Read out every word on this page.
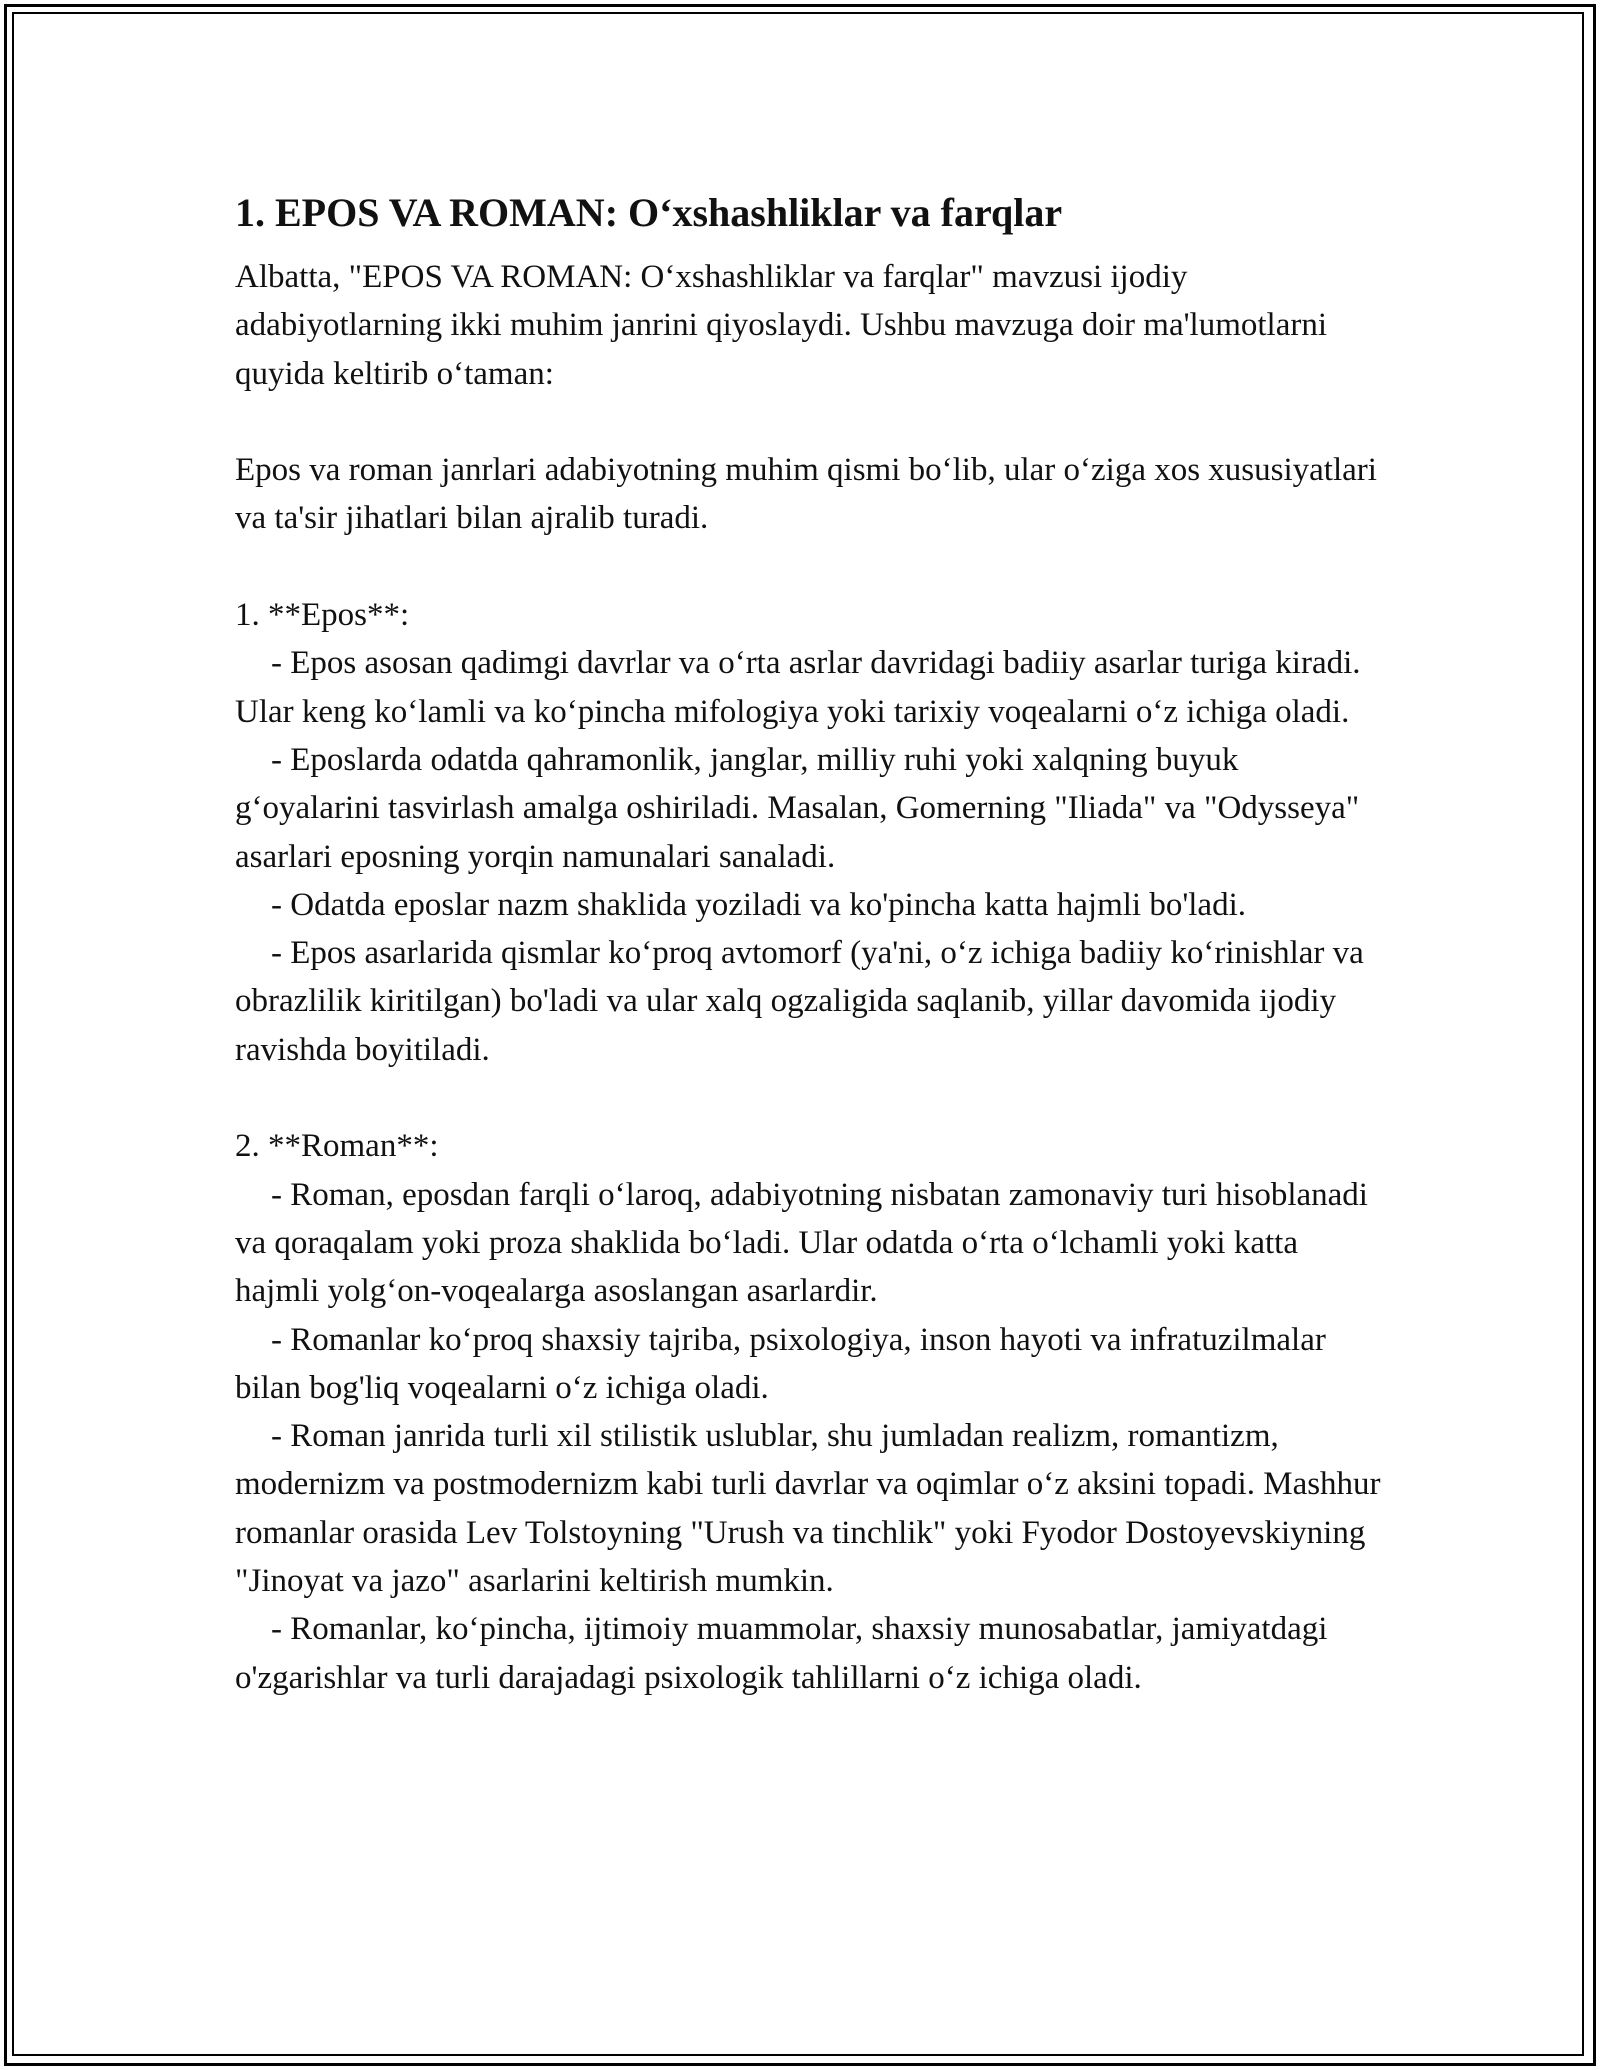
1. EPOS VA ROMAN: O‘xshashliklar va farqlar

Albatta, "EPOS VA ROMAN: O‘xshashliklar va farqlar" mavzusi ijodiy adabiyotlarning ikki muhim janrini qiyoslaydi. Ushbu mavzuga doir ma'lumotlarni quyida keltirib o‘taman:

Epos va roman janrlari adabiyotning muhim qismi bo‘lib, ular o‘ziga xos xususiyatlari va ta'sir jihatlari bilan ajralib turadi.

1. **Epos**:

- Epos asosan qadimgi davrlar va o‘rta asrlar davridagi badiiy asarlar turiga kiradi. Ular keng ko‘lamli va ko‘pincha mifologiya yoki tarixiy voqealarni o‘z ichiga oladi.

- Eposlarda odatda qahramonlik, janglar, milliy ruhi yoki xalqning buyuk g‘oyalarini tasvirlash amalga oshiriladi. Masalan, Gomerning "Iliada" va "Odysseya" asarlari eposning yorqin namunalari sanaladi.

- Odatda eposlar nazm shaklida yoziladi va ko'pincha katta hajmli bo'ladi.

- Epos asarlarida qismlar ko‘proq avtomorf (ya'ni, o‘z ichiga badiiy ko‘rinishlar va obrazlilik kiritilgan) bo'ladi va ular xalq ogzaligida saqlanib, yillar davomida ijodiy ravishda boyitiladi.

2. **Roman**:

- Roman, eposdan farqli o‘laroq, adabiyotning nisbatan zamonaviy turi hisoblanadi va qoraqalam yoki proza shaklida bo‘ladi. Ular odatda o‘rta o‘lchamli yoki katta hajmli yolg‘on-voqealarga asoslangan asarlardir.

- Romanlar ko‘proq shaxsiy tajriba, psixologiya, inson hayoti va infratuzilmalar bilan bog'liq voqealarni o‘z ichiga oladi.

- Roman janrida turli xil stilistik uslublar, shu jumladan realizm, romantizm, modernizm va postmodernizm kabi turli davrlar va oqimlar o‘z aksini topadi. Mashhur romanlar orasida Lev Tolstoyning "Urush va tinchlik" yoki Fyodor Dostoyevskiyning "Jinoyat va jazo" asarlarini keltirish mumkin.

- Romanlar, ko‘pincha, ijtimoiy muammolar, shaxsiy munosabatlar, jamiyatdagi o'zgarishlar va turli darajadagi psixologik tahlillarni o‘z ichiga oladi.
